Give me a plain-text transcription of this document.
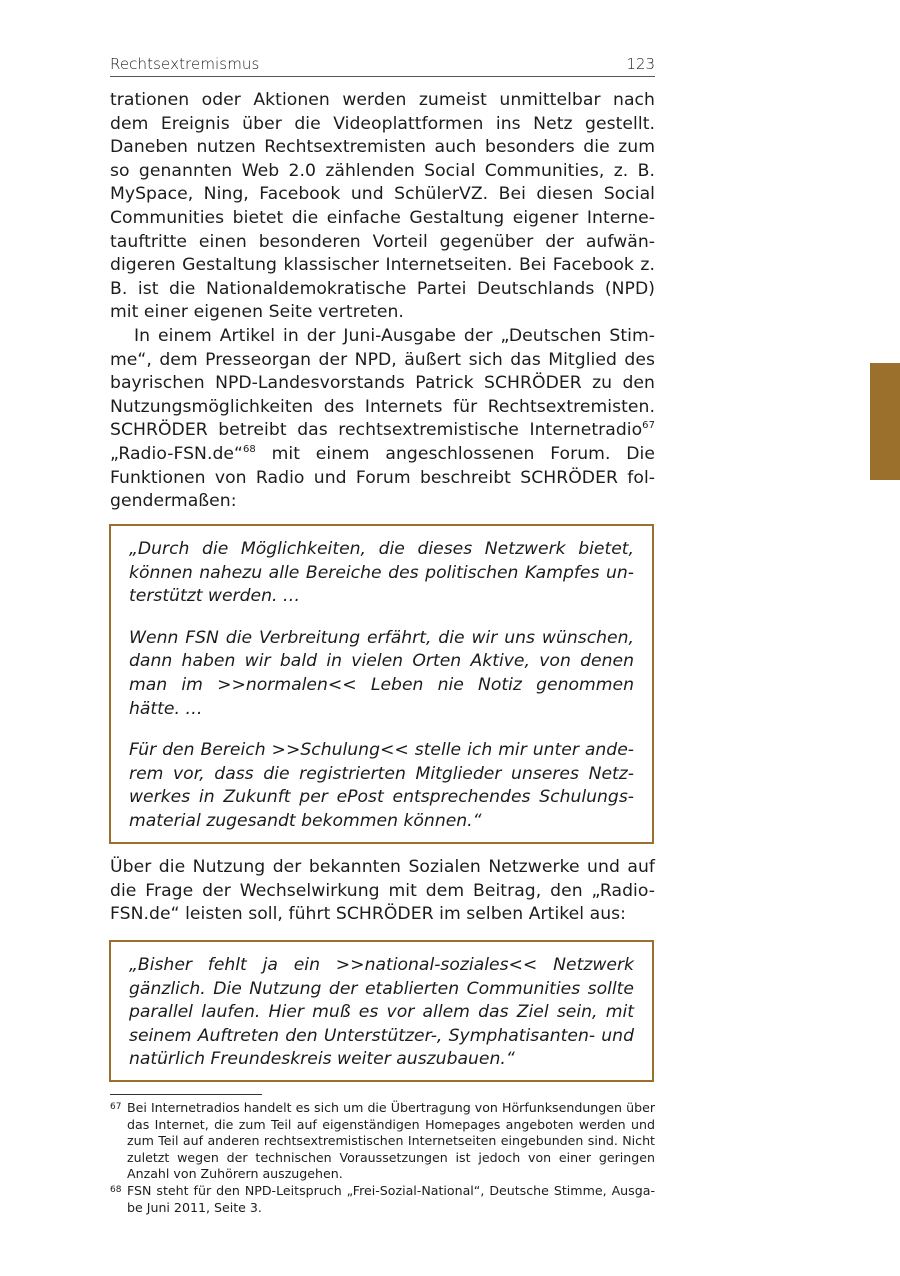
Rechtsextremismus	123

trationen oder Aktionen werden zumeist unmittelbar nach dem Ereignis über die Videoplattformen ins Netz gestellt. Daneben nutzen Rechtsextremisten auch besonders die zum so genannten Web 2.0 zählenden Social Communities, z. B. MySpace, Ning, Facebook und SchülerVZ. Bei diesen Social Communities bietet die einfache Gestaltung eigener Internetauftritte einen besonderen Vorteil gegenüber der aufwändigeren Gestaltung klassischer Internetseiten. Bei Facebook z. B. ist die Nationaldemokratische Partei Deutschlands (NPD) mit einer eigenen Seite vertreten.

In einem Artikel in der Juni-Ausgabe der „Deutschen Stimme“, dem Presseorgan der NPD, äußert sich das Mitglied des bayrischen NPD-Landesvorstands Patrick SCHRÖDER zu den Nutzungsmöglichkeiten des Internets für Rechtsextremisten. SCHRÖDER betreibt das rechtsextremistische Internetradio$^{67}$ „Radio-FSN.de“$^{68}$ mit einem angeschlossenen Forum. Die Funktionen von Radio und Forum beschreibt SCHRÖDER folgendermaßen:

„Durch die Möglichkeiten, die dieses Netzwerk bietet, können nahezu alle Bereiche des politischen Kampfes unterstützt werden. …

Wenn FSN die Verbreitung erfährt, die wir uns wünschen, dann haben wir bald in vielen Orten Aktive, von denen man im >>normalen<< Leben nie Notiz genommen hätte. …

Für den Bereich >>Schulung<< stelle ich mir unter anderem vor, dass die registrierten Mitglieder unseres Netzwerkes in Zukunft per ePost entsprechendes Schulungsmaterial zugesandt bekommen können.“

Über die Nutzung der bekannten Sozialen Netzwerke und auf die Frage der Wechselwirkung mit dem Beitrag, den „Radio-FSN.de“ leisten soll, führt SCHRÖDER im selben Artikel aus:

„Bisher fehlt ja ein >>national-soziales<< Netzwerk gänzlich. Die Nutzung der etablierten Communities sollte parallel laufen. Hier muß es vor allem das Ziel sein, mit seinem Auftreten den Unterstützer-, Symphatisanten- und natürlich Freundeskreis weiter auszubauen.“

67 Bei Internetradios handelt es sich um die Übertragung von Hörfunksendungen über das Internet, die zum Teil auf eigenständigen Homepages angeboten werden und zum Teil auf anderen rechtsextremistischen Internetseiten eingebunden sind. Nicht zuletzt wegen der technischen Voraussetzungen ist jedoch von einer geringen Anzahl von Zuhörern auszugehen.
68 FSN steht für den NPD-Leitspruch „Frei-Sozial-National“, Deutsche Stimme, Ausgabe Juni 2011, Seite 3.
